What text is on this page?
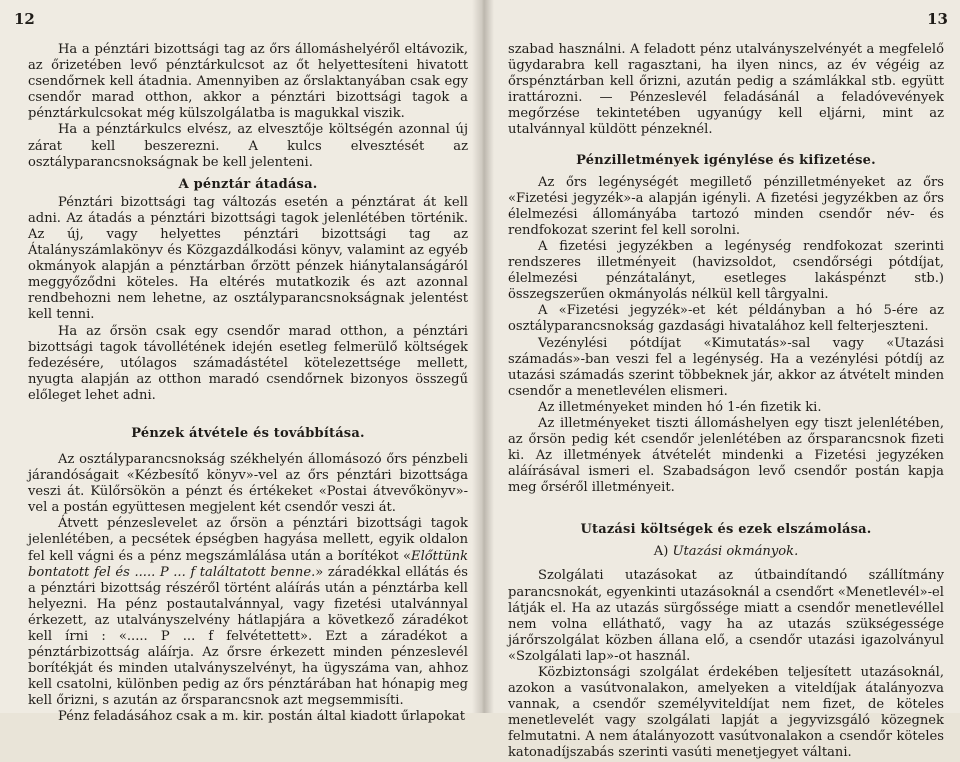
12

Ha a pénztári bizottsági tag az őrs állomáshelyéről eltávozik, az őrizetében levő pénztárkulcsot az őt helyettesíteni hivatott csendőrnek kell átadnia. Amennyiben az őrslaktanyában csak egy csendőr marad otthon, akkor a pénztári bizottsági tagok a pénztárkulcsokat még külszolgálatba is magukkal viszik.

Ha a pénztárkulcs elvész, az elvesztője költségén azonnal új zárat kell beszerezni. A kulcs elvesztését az osztályparancsnokságnak be kell jelenteni.

A pénztár átadása.

Pénztári bizottsági tag változás esetén a pénztárat át kell adni. Az átadás a pénztári bizottsági tagok jelenlétében történik. Az új, vagy helyettes pénztári bizottsági tag az Átalányszámlakönyv és Közgazdálkodási könyv, valamint az egyéb okmányok alapján a pénztárban őrzött pénzek hiánytalanságáról meggyőződni köteles. Ha eltérés mutatkozik és azt azonnal rendbehozni nem lehetne, az osztályparancsnokságnak jelentést kell tenni.

Ha az őrsön csak egy csendőr marad otthon, a pénztári bizottsági tagok távollétének idején esetleg felmerülő költségek fedezésére, utólagos számadástétel kötelezettsége mellett, nyugta alapján az otthon maradó csendőrnek bizonyos összegű előleget lehet adni.

Pénzek átvétele és továbbítása.

Az osztályparancsnokság székhelyén állomásozó őrs pénzbeli járandóságait «Kézbesítő könyv»-vel az őrs pénztári bizottsága veszi át. Külőrsökön a pénzt és értékeket «Postai átvevőkönyv»-vel a postán együttesen megjelent két csendőr veszi át.

Átvett pénzeslevelet az őrsön a pénztári bizottsági tagok jelenlétében, a pecsétek épségben hagyása mellett, egyik oldalon fel kell vágni és a pénz megszámlálása után a borítékot «Előttünk bontatott fel és ..... P ... f találtatott benne.» záradékkal ellátás és a pénztári bizottság részéről történt aláírás után a pénztárba kell helyezni. Ha pénz postautalvánnyal, vagy fizetési utalvánnyal érkezett, az utalványszelvény hátlapjára a következő záradékot kell írni : «..... P ... f felvétettett». Ezt a záradékot a pénztárbizottság aláírja. Az őrsre érkezett minden pénzeslevél borítékját és minden utalványszelvényt, ha ügyszáma van, ahhoz kell csatolni, különben pedig az őrs pénztárában hat hónapig meg kell őrizni, s azután az őrsparancsnok azt megsemmisíti.

Pénz feladásához csak a m. kir. postán által kiadott űrlapokat

13

szabad használni. A feladott pénz utalványszelvényét a megfelelő ügydarabra kell ragasztani, ha ilyen nincs, az év végéig az őrspénztárban kell őrizni, azután pedig a számlákkal stb. együtt irattározni. — Pénzeslevél feladásánál a feladóvevények megőrzése tekintetében ugyanúgy kell eljárni, mint az utalvánnyal küldött pénzeknél.

Pénzilletmények igénylése és kifizetése.

Az őrs legénységét megillető pénzilletményeket az őrs «Fizetési jegyzék»-a alapján igényli. A fizetési jegyzékben az őrs élelmezési állományába tartozó minden csendőr név- és rendfokozat szerint fel kell sorolni.

A fizetési jegyzékben a legénység rendfokozat szerinti rendszeres illetményeit (havizsoldot, csendőrségi pótdíjat, élelmezési pénzátalányt, esetleges lakáspénzt stb.) összegszerűen okmányolás nélkül kell târgyalni.

A «Fizetési jegyzék»-et két példányban a hó 5-ére az osztályparancsnokság gazdasági hivatalához kell felterjeszteni.

Vezénylési pótdíjat «Kimutatás»-sal vagy «Utazási számadás»-ban veszi fel a legénység. Ha a vezénylési pótdíj az utazási számadás szerint többeknek jár, akkor az átvételt minden csendőr a menetlevélen elismeri.

Az illetményeket minden hó 1-én fizetik ki.

Az illetményeket tiszti állomáshelyen egy tiszt jelenlétében, az őrsön pedig két csendőr jelenlétében az őrsparancsnok fizeti ki. Az illetmények átvételét mindenki a Fizetési jegyzéken aláírásával ismeri el. Szabadságon levő csendőr postán kapja meg őrséről illetményeit.

Utazási költségek és ezek elszámolása.
A) Utazási okmányok.

Szolgálati utazásokat az útbaindítandó szállítmány parancsnokát, egyenkinti utazásoknál a csendőrt «Menetlevél»-el látják el. Ha az utazás sürgőssége miatt a csendőr menetlevéllel nem volna elláthatő, vagy ha az utazás szükségessége járőrszolgálat közben állana elő, a csendőr utazási igazolványul «Szolgálati lap»-ot használ.

Közbiztonsági szolgálat érdekében teljesített utazásoknál, azokon a vasútvonalakon, amelyeken a viteldíjak átalányozva vannak, a csendőr személyviteldíjat nem fizet, de köteles menetlevelét vagy szolgálati lapját a jegyvizsgáló közegnek felmutatni. A nem átalányozott vasútvonalakon a csendőr köteles katonadíjszabás szerinti vasúti menetjegyet váltani.
